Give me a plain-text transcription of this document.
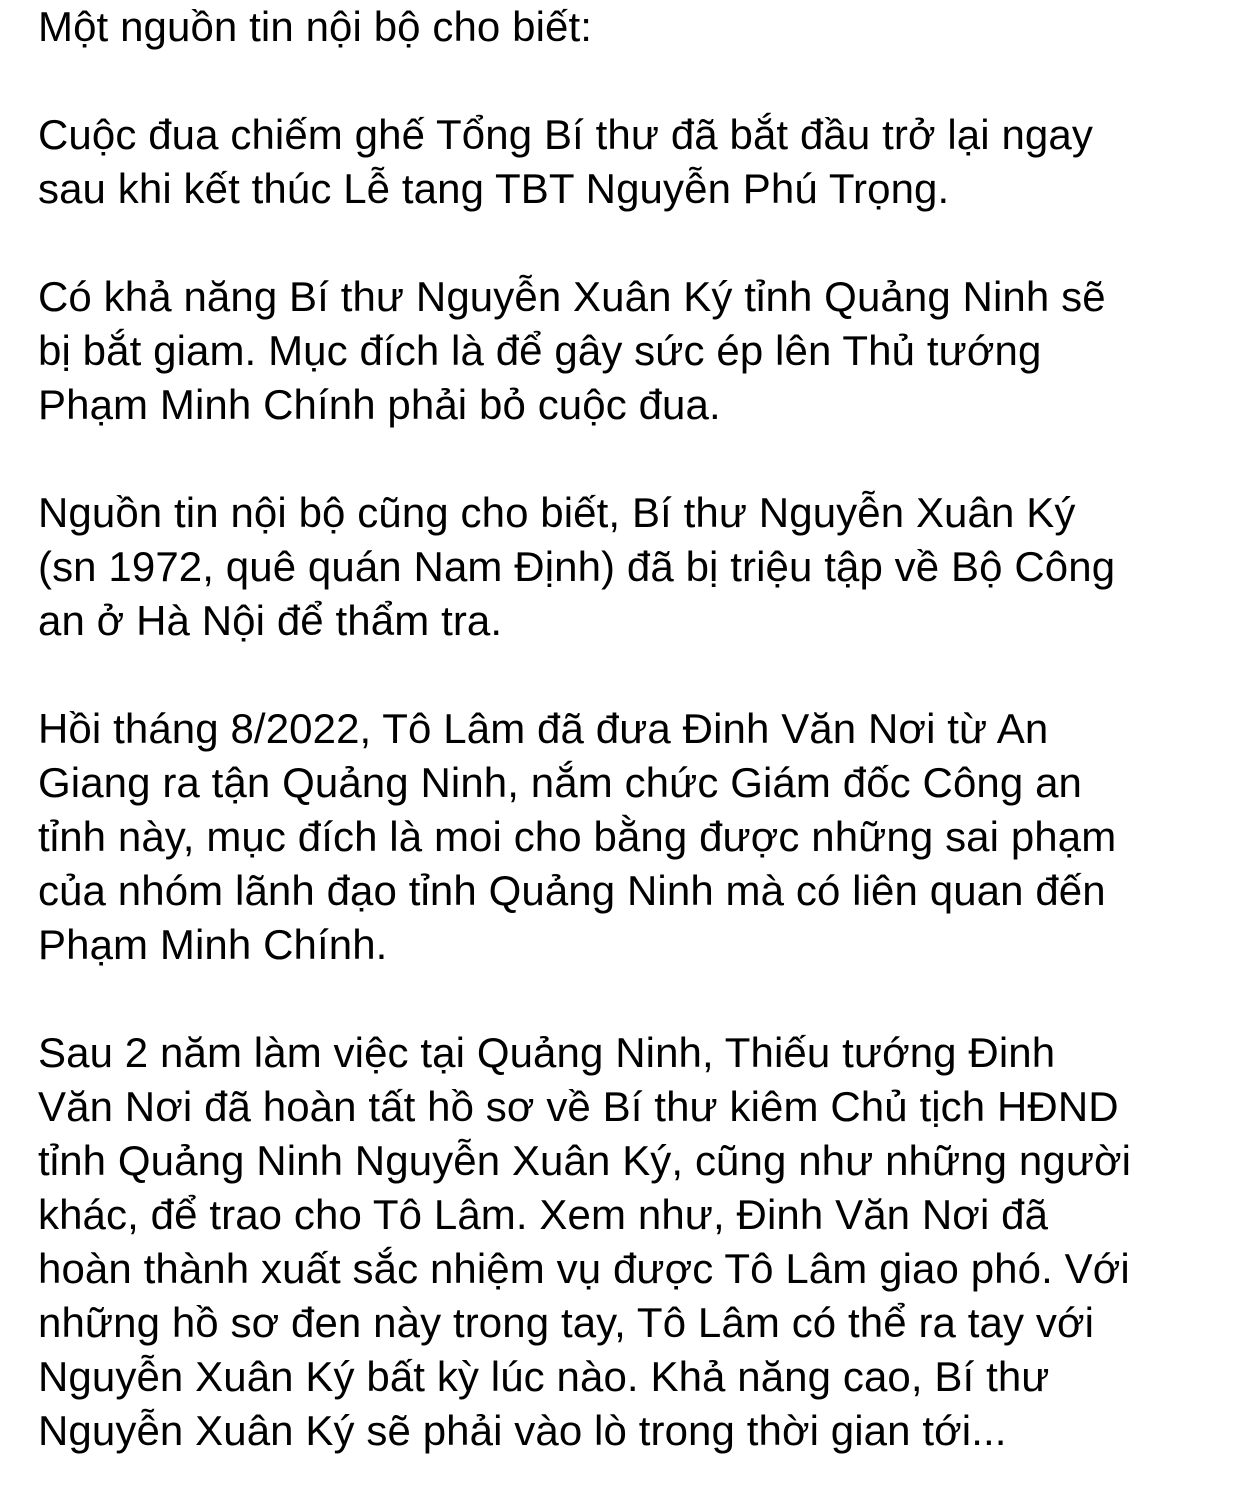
Một nguồn tin nội bộ cho biết:
Cuộc đua chiếm ghế Tổng Bí thư đã bắt đầu trở lại ngay
sau khi kết thúc Lễ tang TBT Nguyễn Phú Trọng.
Có khả năng Bí thư Nguyễn Xuân Ký tỉnh Quảng Ninh sẽ
bị bắt giam. Mục đích là để gây sức ép lên Thủ tướng
Phạm Minh Chính phải bỏ cuộc đua.
Nguồn tin nội bộ cũng cho biết, Bí thư Nguyễn Xuân Ký
(sn 1972, quê quán Nam Định) đã bị triệu tập về Bộ Công
an ở Hà Nội để thẩm tra.
Hồi tháng 8/2022, Tô Lâm đã đưa Đinh Văn Nơi từ An
Giang ra tận Quảng Ninh, nắm chức Giám đốc Công an
tỉnh này, mục đích là moi cho bằng được những sai phạm
của nhóm lãnh đạo tỉnh Quảng Ninh mà có liên quan đến
Phạm Minh Chính.
Sau 2 năm làm việc tại Quảng Ninh, Thiếu tướng Đinh
Văn Nơi đã hoàn tất hồ sơ về Bí thư kiêm Chủ tịch HĐND
tỉnh Quảng Ninh Nguyễn Xuân Ký, cũng như những người
khác, để trao cho Tô Lâm. Xem như, Đinh Văn Nơi đã
hoàn thành xuất sắc nhiệm vụ được Tô Lâm giao phó. Với
những hồ sơ đen này trong tay, Tô Lâm có thể ra tay với
Nguyễn Xuân Ký bất kỳ lúc nào. Khả năng cao, Bí thư
Nguyễn Xuân Ký sẽ phải vào lò trong thời gian tới...
